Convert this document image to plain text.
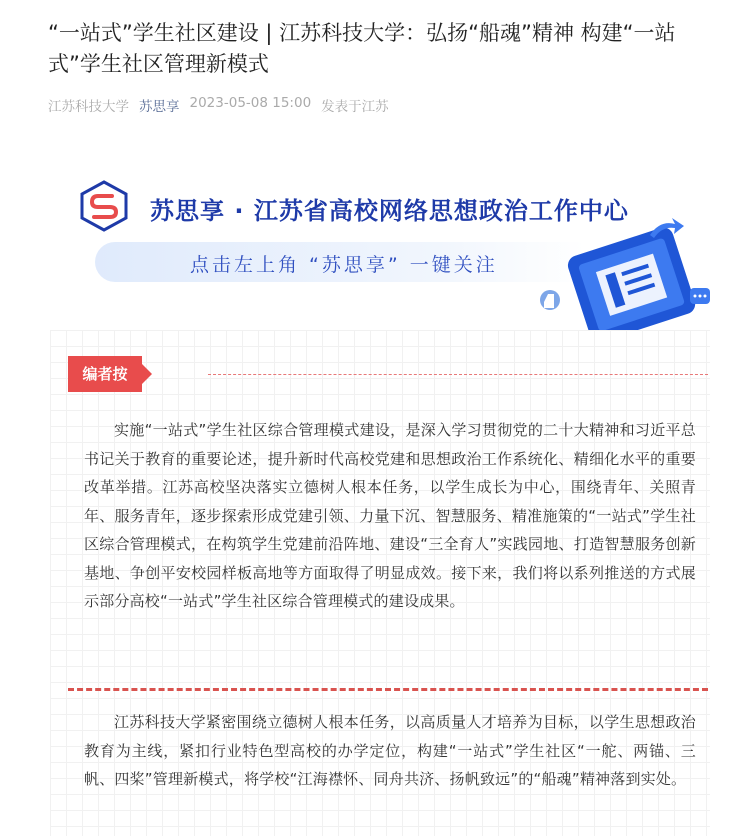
“一站式”学生社区建设 | 江苏科技大学：弘扬“船魂”精神 构建“一站式”学生社区管理新模式
江苏科技大学 苏思享 2023-05-08 15:00 发表于江苏
苏思享 · 江苏省高校网络思想政治工作中心
点击左上角 “苏思享” 一键关注
编者按

实施“一站式”学生社区综合管理模式建设，是深入学习贯彻党的二十大精神和习近平总书记关于教育的重要论述，提升新时代高校党建和思想政治工作系统化、精细化水平的重要改革举措。江苏高校坚决落实立德树人根本任务，以学生成长为中心，围绕青年、关照青年、服务青年，逐步探索形成党建引领、力量下沉、智慧服务、精准施策的“一站式”学生社区综合管理模式，在构筑学生党建前沿阵地、建设“三全育人”实践园地、打造智慧服务创新基地、争创平安校园样板高地等方面取得了明显成效。接下来，我们将以系列推送的方式展示部分高校“一站式”学生社区综合管理模式的建设成果。

江苏科技大学紧密围绕立德树人根本任务，以高质量人才培养为目标，以学生思想政治教育为主线，紧扣行业特色型高校的办学定位，构建“一站式”学生社区“一舵、两锚、三帆、四桨”管理新模式，将学校“江海襟怀、同舟共济、扬帆致远”的“船魂”精神落到实处。
